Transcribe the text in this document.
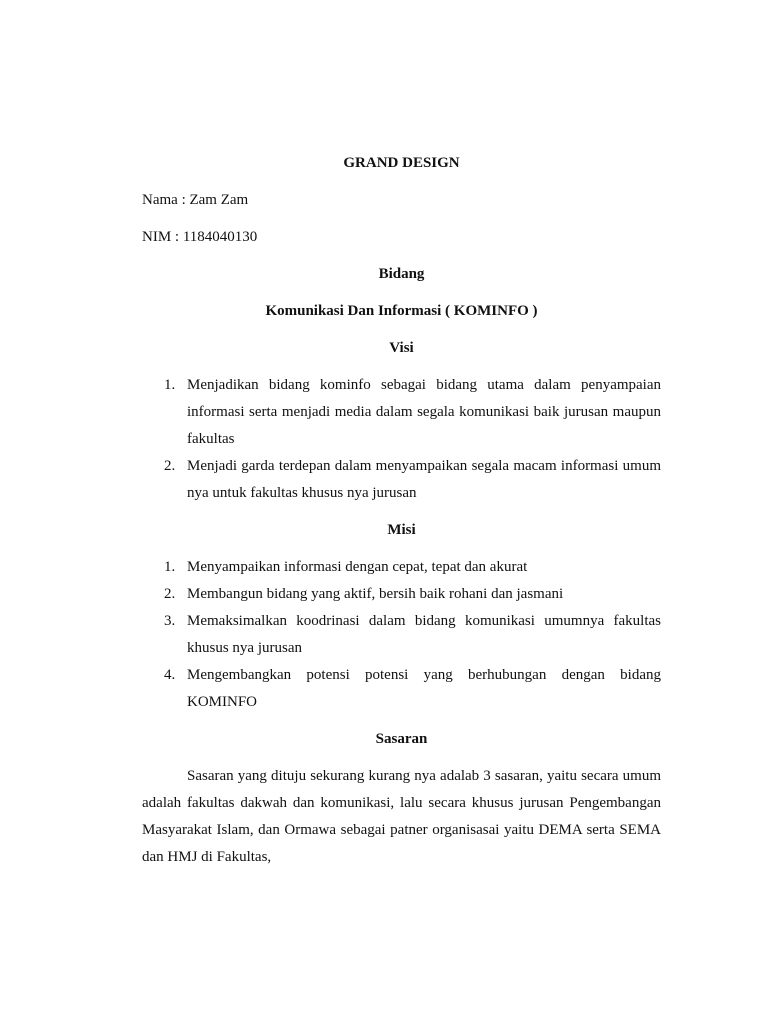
GRAND DESIGN

Nama : Zam Zam

NIM : 1184040130

Bidang

Komunikasi Dan Informasi ( KOMINFO )

Visi

1. Menjadikan bidang kominfo sebagai bidang utama dalam penyampaian informasi serta menjadi media dalam segala komunikasi baik jurusan maupun fakultas
2. Menjadi garda terdepan dalam menyampaikan segala macam informasi umum nya untuk fakultas khusus nya jurusan

Misi

1. Menyampaikan informasi dengan cepat, tepat dan akurat
2. Membangun bidang yang aktif, bersih baik rohani dan jasmani
3. Memaksimalkan koodrinasi dalam bidang komunikasi umumnya fakultas khusus nya jurusan
4. Mengembangkan potensi potensi yang berhubungan dengan bidang KOMINFO

Sasaran

Sasaran yang dituju sekurang kurang nya adalab 3 sasaran, yaitu secara umum adalah fakultas dakwah dan komunikasi, lalu secara khusus jurusan Pengembangan Masyarakat Islam, dan Ormawa sebagai patner organisasai yaitu DEMA serta SEMA dan HMJ di Fakultas,
